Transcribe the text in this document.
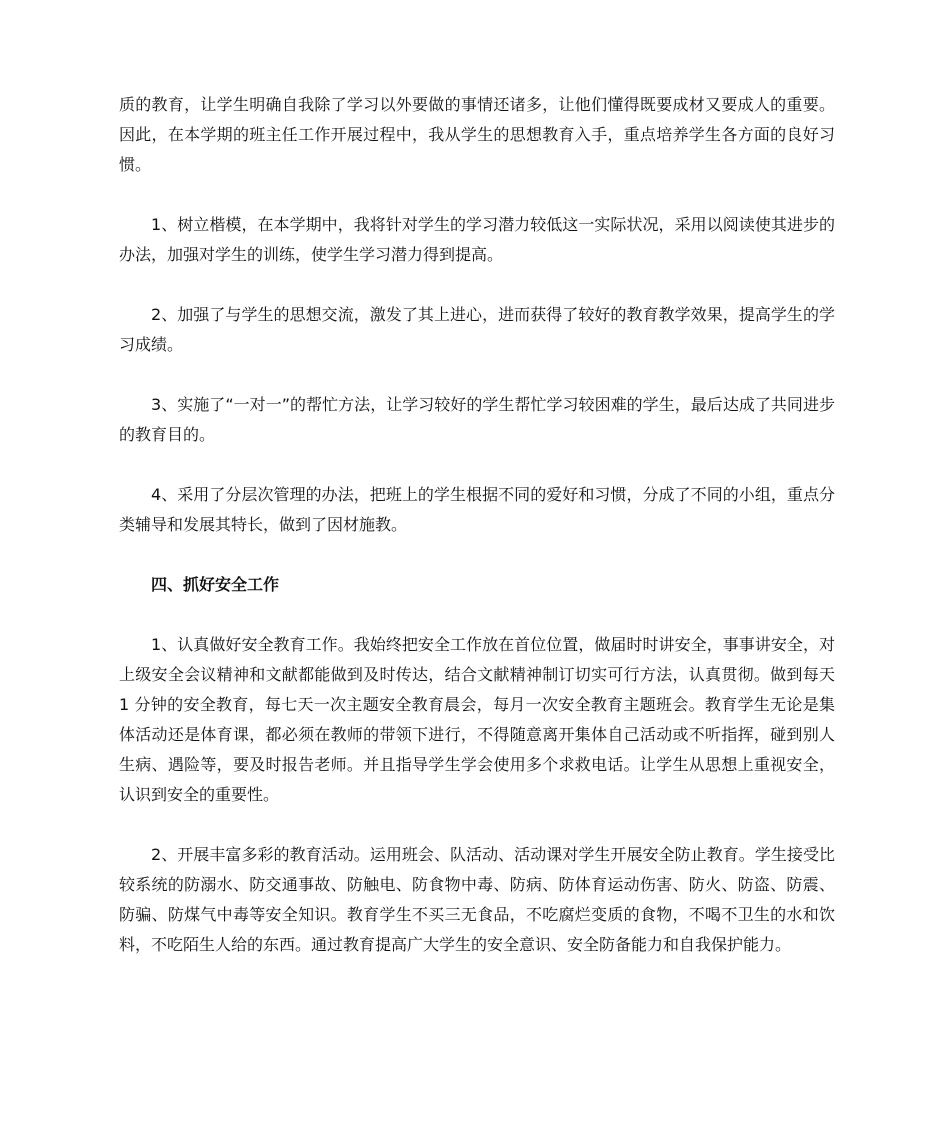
质的教育，让学生明确自我除了学习以外要做的事情还诸多，让他们懂得既要成材又要成人的重要。因此，在本学期的班主任工作开展过程中，我从学生的思想教育入手，重点培养学生各方面的良好习惯。

1、树立楷模，在本学期中，我将针对学生的学习潜力较低这一实际状况，采用以阅读使其进步的办法，加强对学生的训练，使学生学习潜力得到提高。

2、加强了与学生的思想交流，激发了其上进心，进而获得了较好的教育教学效果，提高学生的学习成绩。

3、实施了“一对一”的帮忙方法，让学习较好的学生帮忙学习较困难的学生，最后达成了共同进步的教育目的。

4、采用了分层次管理的办法，把班上的学生根据不同的爱好和习惯，分成了不同的小组，重点分类辅导和发展其特长，做到了因材施教。

四、抓好安全工作

1、认真做好安全教育工作。我始终把安全工作放在首位位置，做届时时讲安全，事事讲安全，对上级安全会议精神和文献都能做到及时传达，结合文献精神制订切实可行方法，认真贯彻。做到每天 1 分钟的安全教育，每七天一次主题安全教育晨会，每月一次安全教育主题班会。教育学生无论是集体活动还是体育课，都必须在教师的带领下进行，不得随意离开集体自己活动或不听指挥，碰到别人生病、遇险等，要及时报告老师。并且指导学生学会使用多个求救电话。让学生从思想上重视安全，认识到安全的重要性。

2、开展丰富多彩的教育活动。运用班会、队活动、活动课对学生开展安全防止教育。学生接受比较系统的防溺水、防交通事故、防触电、防食物中毒、防病、防体育运动伤害、防火、防盗、防震、防骗、防煤气中毒等安全知识。教育学生不买三无食品，不吃腐烂变质的食物，不喝不卫生的水和饮料，不吃陌生人给的东西。通过教育提高广大学生的安全意识、安全防备能力和自我保护能力。
